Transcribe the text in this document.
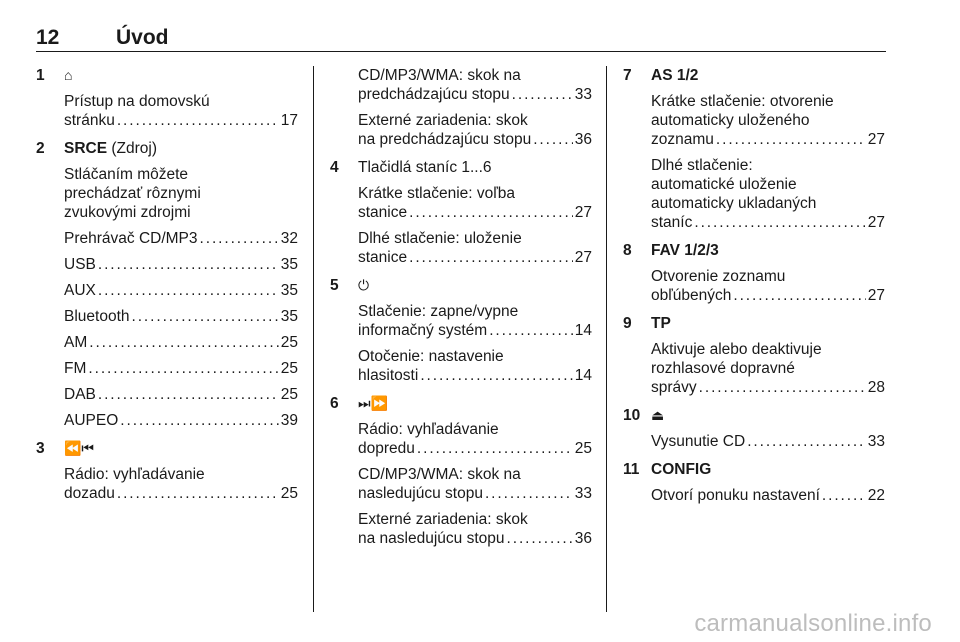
12	Úvod
1	⌂
Prístup na domovskú
stránku . . .	17
2	SRCE (Zdroj)
Stláčaním môžete
prechádzať rôznymi
zvukovými zdrojmi
Prehrávač CD/MP3 . . .	32
USB . . .	35
AUX . . .	35
Bluetooth . . .	35
AM . . .	25
FM . . .	25
DAB . . .	25
AUPEO . . .	39
3	⏪⏮
Rádio: vyhľadávanie
dozadu . . .	25
CD/MP3/WMA: skok na
predchádzajúcu stopu . . .	33
Externé zariadenia: skok
na predchádzajúcu stopu . . .	36
4	Tlačidlá staníc 1...6
Krátke stlačenie: voľba
stanice . . .	27
Dlhé stlačenie: uloženie
stanice . . .	27
5	⏻
Stlačenie: zapne/vypne
informačný systém . . .	14
Otočenie: nastavenie
hlasitosti . . .	14
6	⏭⏩
Rádio: vyhľadávanie
dopredu . . .	25
CD/MP3/WMA: skok na
nasledujúcu stopu . . .	33
Externé zariadenia: skok
na nasledujúcu stopu . . .	36
7	AS 1/2
Krátke stlačenie: otvorenie
automaticky uloženého
zoznamu . . .	27
Dlhé stlačenie:
automatické uloženie
automaticky ukladaných
staníc . . .	27
8	FAV 1/2/3
Otvorenie zoznamu
obľúbených . . .	27
9	TP
Aktivuje alebo deaktivuje
rozhlasové dopravné
správy . . .	28
10 ⏏
Vysunutie CD . . .	33
11 CONFIG
Otvorí ponuku nastavení . . .	22
carmanualsonline.info
